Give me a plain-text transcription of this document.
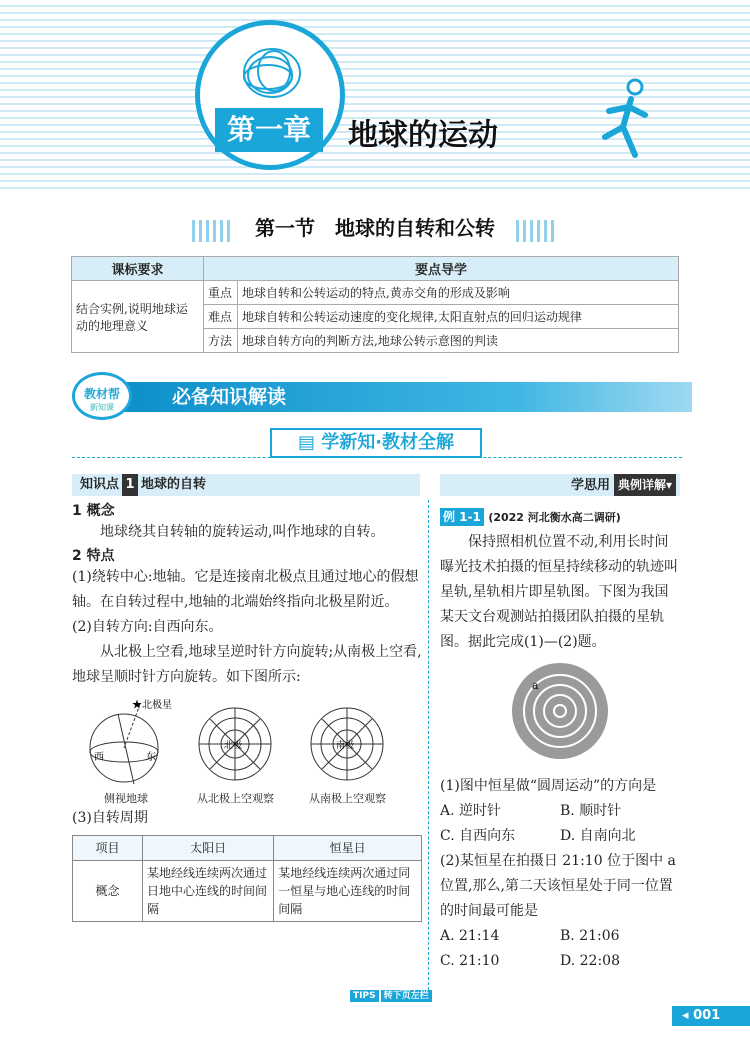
第一章	地球的运动
第一节　地球的自转和公转
课标要求	要点导学	
结合实例,说明地球运动的地理意义	重点	地球自转和公转运动的特点,黄赤交角的形成及影响
	难点	地球自转和公转运动速度的变化规律,太阳直射点的回归运动规律
	方法	地球自转方向的判断方法,地球公转示意图的判读
必备知识解读
教材帮
新知课
▤ 学新知·教材全解
知识点 1 地球的自转	学思用 典例详解▾
1 概念

地球绕其自转轴的旋转运动,叫作地球的自转。

2 特点

(1)绕转中心:地轴。它是连接南北极点且通过地心的假想轴。在自转过程中,地轴的北端始终指向北极星附近。

(2)自转方向:自西向东。

从北极上空看,地球呈逆时针方向旋转;从南极上空看,地球呈顺时针方向旋转。如下图所示:

★北极星
西	东
北极	南极
侧视地球	从北极上空观察	从南极上空观察

(3)自转周期

项目	太阳日	恒星日
概念	某地经线连续两次通过日地中心连线的时间间隔	某地经线连续两次通过同一恒星与地心连线的时间间隔
例 1-1 (2022 河北衡水高二调研)

保持照相机位置不动,利用长时间曝光技术拍摄的恒星持续移动的轨迹叫星轨,星轨相片即星轨图。下图为我国某天文台观测站拍摄团队拍摄的星轨图。据此完成(1)—(2)题。

a

(1)图中恒星做“圆周运动”的方向是

A. 逆时针	B. 顺时针
C. 自西向东	D. 自南向北

(2)某恒星在拍摄日 21:10 位于图中 a 位置,那么,第二天该恒星处于同一位置的时间最可能是

A. 21:14	B. 21:06
C. 21:10	D. 22:08
TIPS 转下页左栏
◂ 001
